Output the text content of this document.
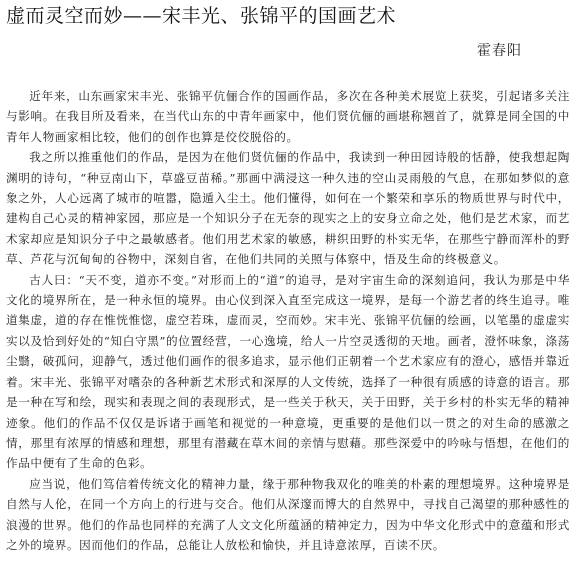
虚而灵空而妙——宋丰光、张锦平的国画艺术
霍春阳

近年来，山东画家宋丰光、张锦平伉俪合作的国画作品，多次在各种美术展览上获奖，引起诸多关注与影响。在我目所及看来，在当代山东的中青年画家中，他们贤伉俪的画堪称翘首了，就算是同全国的中青年人物画家相比较，他们的创作也算是佼佼脱俗的。

我之所以推重他们的作品，是因为在他们贤伉俪的作品中，我读到一种田园诗般的恬静，使我想起陶渊明的诗句，“种豆南山下，草盛豆苗稀。”那画中满浸这一种久违的空山灵雨般的气息，在那如梦似的意象之外，人心远离了城市的喧嚣，隐遁入尘土。他们懂得，如何在一个繁荣和享乐的物质世界与时代中，建构自己心灵的精神家园，那应是一个知识分子在无奈的现实之上的安身立命之处，他们是艺术家，而艺术家却应是知识分子中之最敏感者。他们用艺术家的敏感，耕织田野的朴实无华，在那些宁静而浑朴的野草、芦花与沉甸甸的谷物中，深刻自省，在他们共同的关照与体察中，悟及生命的终极意义。

古人曰：“天不变，道亦不变。”对形而上的“道”的追寻，是对宇宙生命的深刻追问，我认为那是中华文化的境界所在，是一种永恒的境界。由心仪到深入直至完成这一境界，是每一个游艺者的终生追寻。唯道集虚，道的存在惟恍惟惚，虚空若珠，虚而灵，空而妙。宋丰光、张锦平伉俪的绘画，以笔墨的虚虚实实以及恰到好处的“知白守黑”的位置经营，一心逸境，给人一片空灵透彻的天地。画者，澄怀味象，涤荡尘翳，破孤问，迎静气，透过他们画作的很多追求，显示他们正朝着一个艺术家应有的澄心，感悟并靠近着。宋丰光、张锦平对嗜杂的各种新艺术形式和深厚的人文传统，选择了一种很有质感的诗意的语言。那是一种在写和绘，现实和表现之间的表现形式，是一些关于秋天，关于田野，关于乡村的朴实无华的精神迹象。他们的作品不仅仅是诉诸于画笔和视觉的一种意境，更重要的是他们以一贯之的对生命的感激之情，那里有浓厚的情感和理想，那里有潜藏在草木间的亲情与慰藉。那些深爱中的吟咏与悟想，在他们的作品中便有了生命的色彩。

应当说，他们笃信着传统文化的精神力量，缘于那种物我双化的唯美的朴素的理想境界。这种境界是自然与人伦，在同一个方向上的行进与交合。他们从深邃而博大的自然界中，寻找自己渴望的那种感性的浪漫的世界。他们的作品也同样的充满了人文文化所蕴涵的精神定力，因为中华文化形式中的意蕴和形式之外的境界。因而他们的作品，总能让人放松和愉快，并且诗意浓厚，百读不厌。
